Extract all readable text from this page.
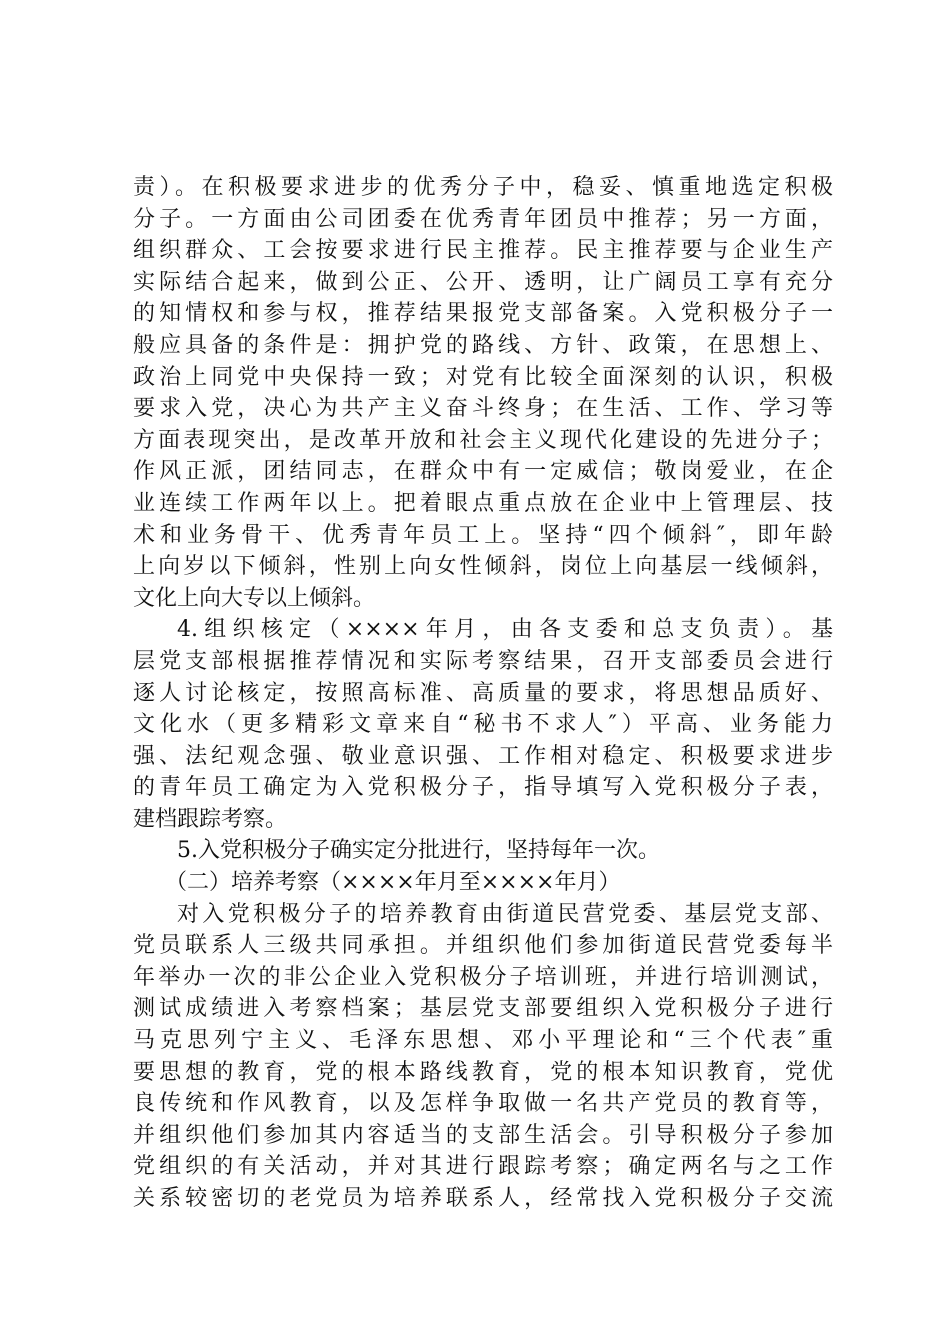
责）。在积极要求进步的优秀分子中，稳妥、慎重地选定积极
分子。一方面由公司团委在优秀青年团员中推荐；另一方面，
组织群众、工会按要求进行民主推荐。民主推荐要与企业生产
实际结合起来，做到公正、公开、透明，让广阔员工享有充分
的知情权和参与权，推荐结果报党支部备案。入党积极分子一
般应具备的条件是：拥护党的路线、方针、政策，在思想上、
政治上同党中央保持一致；对党有比较全面深刻的认识，积极
要求入党，决心为共产主义奋斗终身；在生活、工作、学习等
方面表现突出，是改革开放和社会主义现代化建设的先进分子；
作风正派，团结同志，在群众中有一定威信；敬岗爱业，在企
业连续工作两年以上。把着眼点重点放在企业中上管理层、技
术和业务骨干、优秀青年员工上。坚持“四个倾斜″，即年龄
上向岁以下倾斜，性别上向女性倾斜，岗位上向基层一线倾斜，
文化上向大专以上倾斜。
4.组织核定（××××年月，由各支委和总支负责）。基
层党支部根据推荐情况和实际考察结果，召开支部委员会进行
逐人讨论核定，按照高标准、高质量的要求，将思想品质好、
文化水（更多精彩文章来自“秘书不求人″）平高、业务能力
强、法纪观念强、敬业意识强、工作相对稳定、积极要求进步
的青年员工确定为入党积极分子，指导填写入党积极分子表，
建档跟踪考察。
5.入党积极分子确实定分批进行，坚持每年一次。
（二）培养考察（××××年月至××××年月）
对入党积极分子的培养教育由街道民营党委、基层党支部、
党员联系人三级共同承担。并组织他们参加街道民营党委每半
年举办一次的非公企业入党积极分子培训班，并进行培训测试，
测试成绩进入考察档案；基层党支部要组织入党积极分子进行
马克思列宁主义、毛泽东思想、邓小平理论和“三个代表″重
要思想的教育，党的根本路线教育，党的根本知识教育，党优
良传统和作风教育，以及怎样争取做一名共产党员的教育等，
并组织他们参加其内容适当的支部生活会。引导积极分子参加
党组织的有关活动，并对其进行跟踪考察；确定两名与之工作
关系较密切的老党员为培养联系人，经常找入党积极分子交流
